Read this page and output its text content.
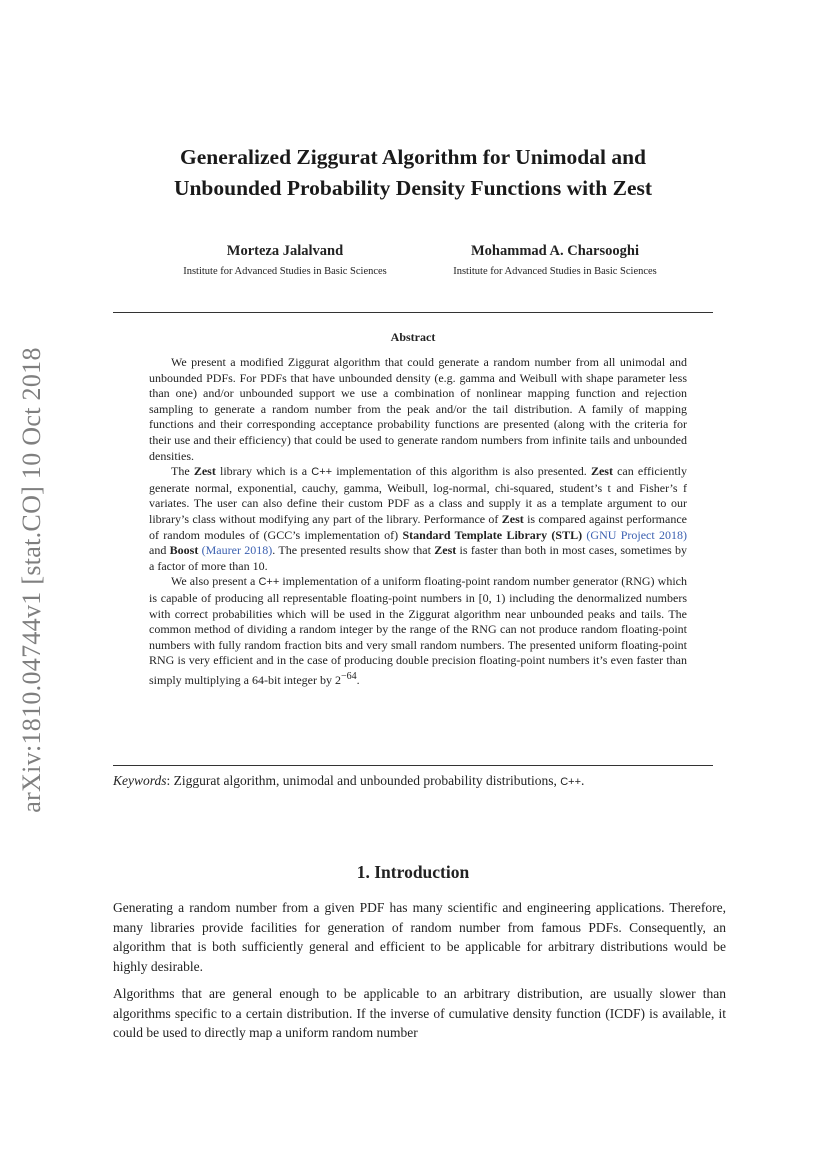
arXiv:1810.04744v1 [stat.CO] 10 Oct 2018
Generalized Ziggurat Algorithm for Unimodal and
Unbounded Probability Density Functions with Zest
Morteza Jalalvand
Institute for Advanced Studies in Basic Sciences
Mohammad A. Charsooghi
Institute for Advanced Studies in Basic Sciences
Abstract

We present a modified Ziggurat algorithm that could generate a random number from all unimodal and unbounded PDFs. For PDFs that have unbounded density (e.g. gamma and Weibull with shape parameter less than one) and/or unbounded support we use a combination of nonlinear mapping function and rejection sampling to generate a random number from the peak and/or the tail distribution. A family of mapping functions and their corresponding acceptance probability functions are presented (along with the criteria for their use and their efficiency) that could be used to generate random numbers from infinite tails and unbounded densities.

The Zest library which is a C++ implementation of this algorithm is also presented. Zest can efficiently generate normal, exponential, cauchy, gamma, Weibull, log-normal, chi-squared, student’s t and Fisher’s f variates. The user can also define their custom PDF as a class and supply it as a template argument to our library’s class without modifying any part of the library. Performance of Zest is compared against performance of random modules of (GCC’s implementation of) Standard Template Library (STL) (GNU Project 2018) and Boost (Maurer 2018). The presented results show that Zest is faster than both in most cases, sometimes by a factor of more than 10.

We also present a C++ implementation of a uniform floating-point random number generator (RNG) which is capable of producing all representable floating-point numbers in [0, 1) including the denormalized numbers with correct probabilities which will be used in the Ziggurat algorithm near unbounded peaks and tails. The common method of dividing a random integer by the range of the RNG can not produce random floating-point numbers with fully random fraction bits and very small random numbers. The presented uniform floating-point RNG is very efficient and in the case of producing double precision floating-point numbers it’s even faster than simply multiplying a 64-bit integer by $2^{-64}$.

Keywords: Ziggurat algorithm, unimodal and unbounded probability distributions, C++.
1. Introduction

Generating a random number from a given PDF has many scientific and engineering applications. Therefore, many libraries provide facilities for generation of random number from famous PDFs. Consequently, an algorithm that is both sufficiently general and efficient to be applicable for arbitrary distributions would be highly desirable.

Algorithms that are general enough to be applicable to an arbitrary distribution, are usually slower than algorithms specific to a certain distribution. If the inverse of cumulative density function (ICDF) is available, it could be used to directly map a uniform random number
